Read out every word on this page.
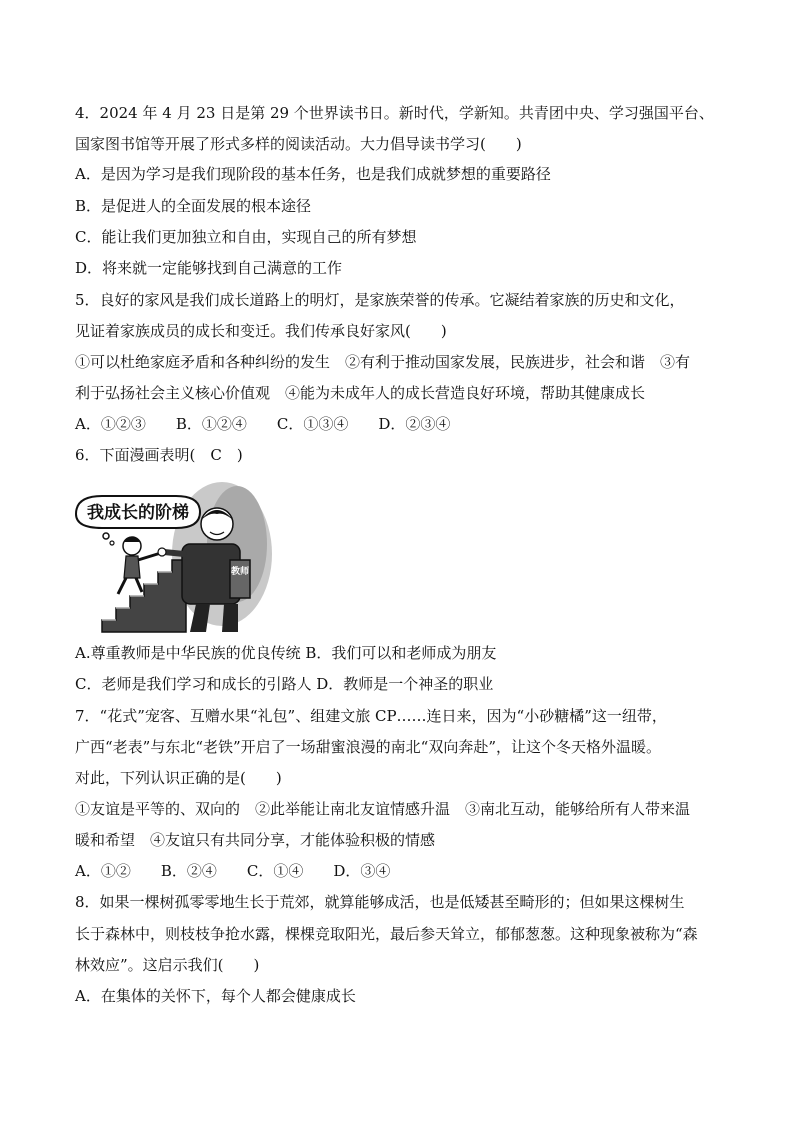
4．2024 年 4 月 23 日是第 29 个世界读书日。新时代，学新知。共青团中央、学习强国平台、
国家图书馆等开展了形式多样的阅读活动。大力倡导读书学习(　　)
A．是因为学习是我们现阶段的基本任务，也是我们成就梦想的重要路径
B．是促进人的全面发展的根本途径
C．能让我们更加独立和自由，实现自己的所有梦想
D．将来就一定能够找到自己满意的工作
5．良好的家风是我们成长道路上的明灯，是家族荣誉的传承。它凝结着家族的历史和文化，
见证着家族成员的成长和变迁。我们传承良好家风(　　)
①可以杜绝家庭矛盾和各种纠纷的发生　②有利于推动国家发展，民族进步，社会和谐　③有
利于弘扬社会主义核心价值观　④能为未成年人的成长营造良好环境，帮助其健康成长
A．①②③　　B．①②④　　C．①③④　　D．②③④
6．下面漫画表明(　C　)
我成长的阶梯
教师
A.尊重教师是中华民族的优良传统 B．我们可以和老师成为朋友
C．老师是我们学习和成长的引路人 D．教师是一个神圣的职业
7．“花式”宠客、互赠水果“礼包”、组建文旅 CP……连日来，因为“小砂糖橘”这一纽带，
广西“老表”与东北“老铁”开启了一场甜蜜浪漫的南北“双向奔赴”，让这个冬天格外温暖。
对此，下列认识正确的是(　　)
①友谊是平等的、双向的　②此举能让南北友谊情感升温　③南北互动，能够给所有人带来温
暖和希望　④友谊只有共同分享，才能体验积极的情感
A．①②　　B．②④　　C．①④　　D．③④
8．如果一棵树孤零零地生长于荒郊，就算能够成活，也是低矮甚至畸形的；但如果这棵树生
长于森林中，则枝枝争抢水露，棵棵竞取阳光，最后参天耸立，郁郁葱葱。这种现象被称为“森
林效应”。这启示我们(　　)
A．在集体的关怀下，每个人都会健康成长
